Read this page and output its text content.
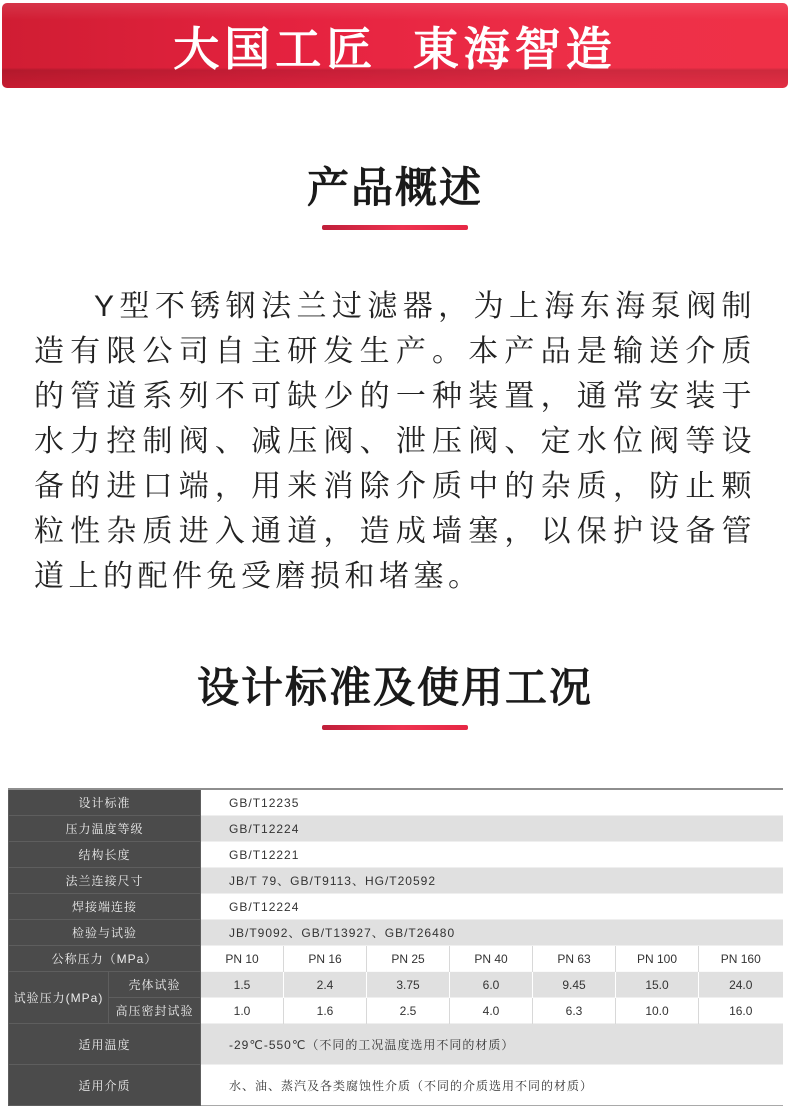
大国工匠  東海智造
产品概述

Y型不锈钢法兰过滤器，为上海东海泵阀制造有限公司自主研发生产。本产品是输送介质的管道系列不可缺少的一种装置，通常安装于水力控制阀、减压阀、泄压阀、定水位阀等设备的进口端，用来消除介质中的杂质，防止颗粒性杂质进入通道，造成墙塞，以保护设备管道上的配件免受磨损和堵塞。

设计标准及使用工况
设计标准		GB/T12235						
压力温度等级		GB/T12224						
结构长度		GB/T12221						
法兰连接尺寸		JB/T 79、GB/T9113、HG/T20592						
焊接端连接		GB/T12224						
检验与试验		JB/T9092、GB/T13927、GB/T26480						
公称压力（MPa）		PN 10	PN 16	PN 25	PN 40	PN 63	PN 100	PN 160
试验压力(MPa)	壳体试验	1.5	2.4	3.75	6.0	9.45	15.0	24.0
	高压密封试验	1.0	1.6	2.5	4.0	6.3	10.0	16.0
适用温度		-29℃-550℃（不同的工况温度选用不同的材质）						
适用介质		水、油、蒸汽及各类腐蚀性介质（不同的介质选用不同的材质）						
